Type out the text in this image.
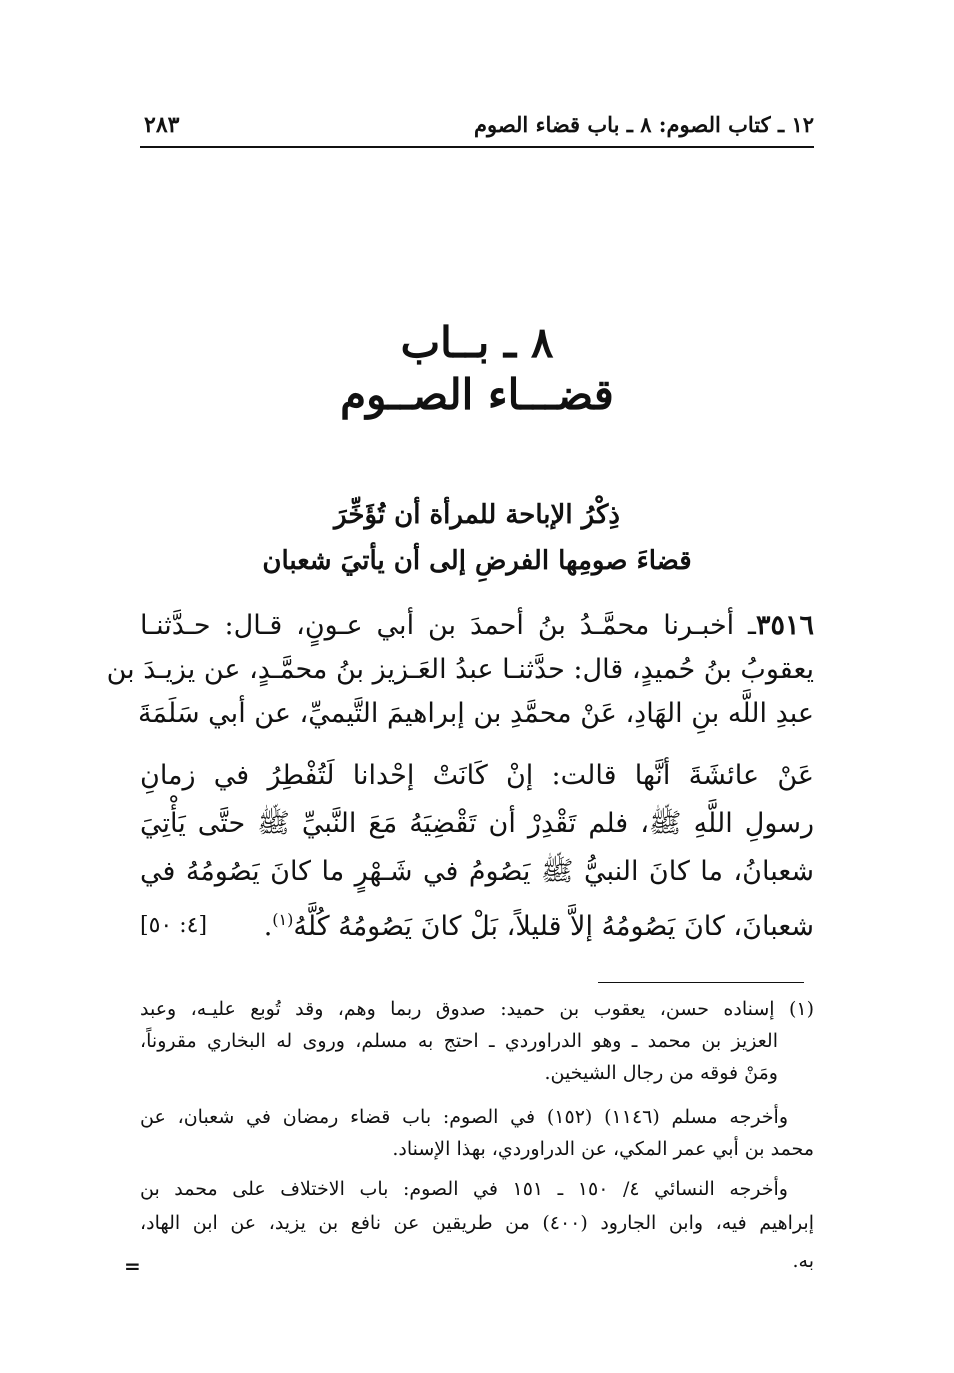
١٢ ـ كتاب الصوم: ٨ ـ باب قضاء الصوم
٢٨٣
٨ ـ بــاب
قضـــاء الصــوم
ذِكْرُ الإباحة للمرأة أن تُؤَخِّرَ
قضاءَ صومِها الفرضِ إلى أن يأتيَ شعبان
٣٥١٦ـ أخبـرنا محمَّـدُ بنُ أحمدَ بن أبي عـونٍ، قـال: حـدَّثنـا
يعقوبُ بنُ حُميدٍ، قال: حدَّثنـا عبدُ العَـزيز بنُ محمَّـدٍ، عن يزيـدَ بن
عبدِ اللَّه بنِ الهَادِ، عَنْ محمَّدِ بن إبراهيمَ التَّيميِّ، عن أبي سَلَمَةَ
عَنْ عائشَةَ أنَّها قالت: إنْ كَانَتْ إحْدانا لَتُفْطِرُ في زمانِ
رسولِ اللَّهِ ﷺ، فلم تَقْدِرْ أن تَقْضِيَهُ مَعَ النَّبيِّ ﷺ حتَّى يَأْتِيَ
شعبانُ، ما كانَ النبيُّ ﷺ يَصُومُ في شَـهْرٍ ما كانَ يَصُومُهُ في
شعبانَ، كانَ يَصُومُهُ إلاَّ قليلاً، بَلْ كانَ يَصُومُهُ كُلَّهُ$^{(١)}$.
[٤: ٥٠]
(١) إسناده حسن، يعقوب بن حميد: صدوق ربما وهم، وقد تُوبع عليـه، وعبد
العزيز بن محمد ـ وهو الدراوردي ـ احتج به مسلم، وروى له البخاري مقروناً،
ومَنْ فوقه من رجال الشيخين.
وأخرجه مسلم (١١٤٦) (١٥٢) في الصوم: باب قضاء رمضان في شعبان، عن
محمد بن أبي عمر المكي، عن الدراوردي، بهذا الإسناد.
وأخرجه النسائي ٤/ ١٥٠ ـ ١٥١ في الصوم: باب الاختلاف على محمد بن
إبراهيم فيه، وابن الجارود (٤٠٠) من طريقين عن نافع بن يزيد، عن ابن الهاد،
به.
=
